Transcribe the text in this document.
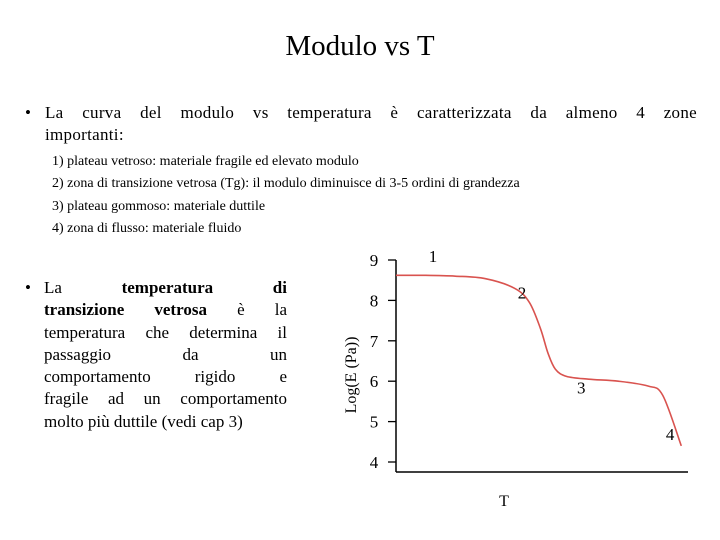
Modulo vs T
• La curva del modulo vs temperatura è caratterizzata da almeno 4 zone
importanti:
1) plateau vetroso: materiale fragile ed elevato modulo
2) zona di transizione vetrosa (Tg): il modulo diminuisce di 3-5 ordini di grandezza
3) plateau gommoso: materiale duttile
4) zona di flusso: materiale fluido
• La temperatura di
transizione vetrosa è la
temperatura che determina il
passaggio da un
comportamento rigido e
fragile ad un comportamento
molto più duttile (vedi cap 3)
9
8
7
6
5
4
1
2
3
4
Log(E (Pa))
T
